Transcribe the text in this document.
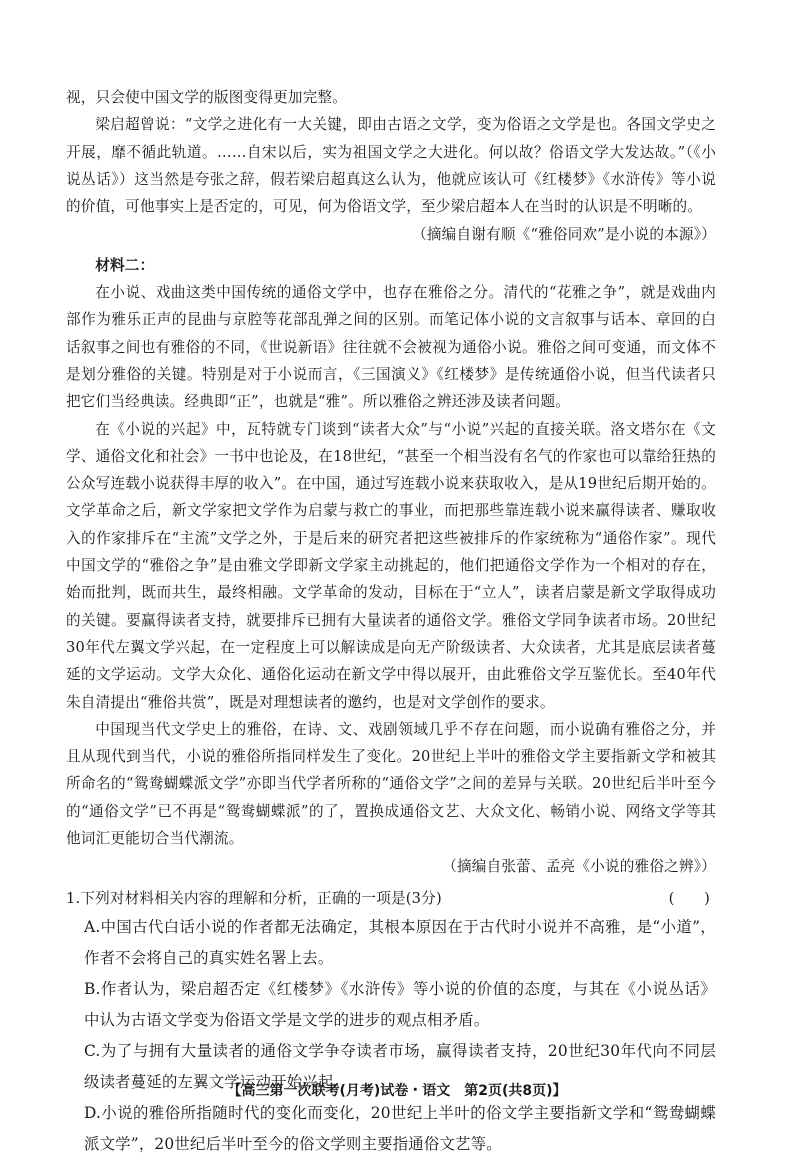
视，只会使中国文学的版图变得更加完整。

梁启超曾说：“文学之进化有一大关键，即由古语之文学，变为俗语之文学是也。各国文学史之开展，靡不循此轨道。……自宋以后，实为祖国文学之大进化。何以故？俗语文学大发达故。”（《小说丛话》）这当然是夸张之辞，假若梁启超真这么认为，他就应该认可《红楼梦》《水浒传》等小说的价值，可他事实上是否定的，可见，何为俗语文学，至少梁启超本人在当时的认识是不明晰的。

（摘编自谢有顺《“雅俗同欢”是小说的本源》）

材料二：

在小说、戏曲这类中国传统的通俗文学中，也存在雅俗之分。清代的“花雅之争”，就是戏曲内部作为雅乐正声的昆曲与京腔等花部乱弹之间的区别。而笔记体小说的文言叙事与话本、章回的白话叙事之间也有雅俗的不同，《世说新语》往往就不会被视为通俗小说。雅俗之间可变通，而文体不是划分雅俗的关键。特别是对于小说而言，《三国演义》《红楼梦》是传统通俗小说，但当代读者只把它们当经典读。经典即“正”，也就是“雅”。所以雅俗之辨还涉及读者问题。

在《小说的兴起》中，瓦特就专门谈到“读者大众”与“小说”兴起的直接关联。洛文塔尔在《文学、通俗文化和社会》一书中也论及，在18世纪，“甚至一个相当没有名气的作家也可以靠给狂热的公众写连载小说获得丰厚的收入”。在中国，通过写连载小说来获取收入，是从19世纪后期开始的。文学革命之后，新文学家把文学作为启蒙与救亡的事业，而把那些靠连载小说来赢得读者、赚取收入的作家排斥在“主流”文学之外，于是后来的研究者把这些被排斥的作家统称为“通俗作家”。现代中国文学的“雅俗之争”是由雅文学即新文学家主动挑起的，他们把通俗文学作为一个相对的存在，始而批判，既而共生，最终相融。文学革命的发动，目标在于“立人”，读者启蒙是新文学取得成功的关键。要赢得读者支持，就要排斥已拥有大量读者的通俗文学。雅俗文学同争读者市场。20世纪30年代左翼文学兴起，在一定程度上可以解读成是向无产阶级读者、大众读者，尤其是底层读者蔓延的文学运动。文学大众化、通俗化运动在新文学中得以展开，由此雅俗文学互鉴优长。至40年代朱自清提出“雅俗共赏”，既是对理想读者的邀约，也是对文学创作的要求。

中国现当代文学史上的雅俗，在诗、文、戏剧领域几乎不存在问题，而小说确有雅俗之分，并且从现代到当代，小说的雅俗所指同样发生了变化。20世纪上半叶的雅俗文学主要指新文学和被其所命名的“鸳鸯蝴蝶派文学”亦即当代学者所称的“通俗文学”之间的差异与关联。20世纪后半叶至今的“通俗文学”已不再是“鸳鸯蝴蝶派”的了，置换成通俗文艺、大众文化、畅销小说、网络文学等其他词汇更能切合当代潮流。

（摘编自张蕾、孟亮《小说的雅俗之辨》）

1.下列对材料相关内容的理解和分析，正确的一项是(3分)	(　　)

A.中国古代白话小说的作者都无法确定，其根本原因在于古代时小说并不高雅，是“小道”，作者不会将自己的真实姓名署上去。

B.作者认为，梁启超否定《红楼梦》《水浒传》等小说的价值的态度，与其在《小说丛话》中认为古语文学变为俗语文学是文学的进步的观点相矛盾。

C.为了与拥有大量读者的通俗文学争夺读者市场，赢得读者支持，20世纪30年代向不同层级读者蔓延的左翼文学运动开始兴起。

D.小说的雅俗所指随时代的变化而变化，20世纪上半叶的俗文学主要指新文学和“鸳鸯蝴蝶派文学”，20世纪后半叶至今的俗文学则主要指通俗文艺等。

【高三第一次联考(月考)试卷・语文　第2页(共8页)】
